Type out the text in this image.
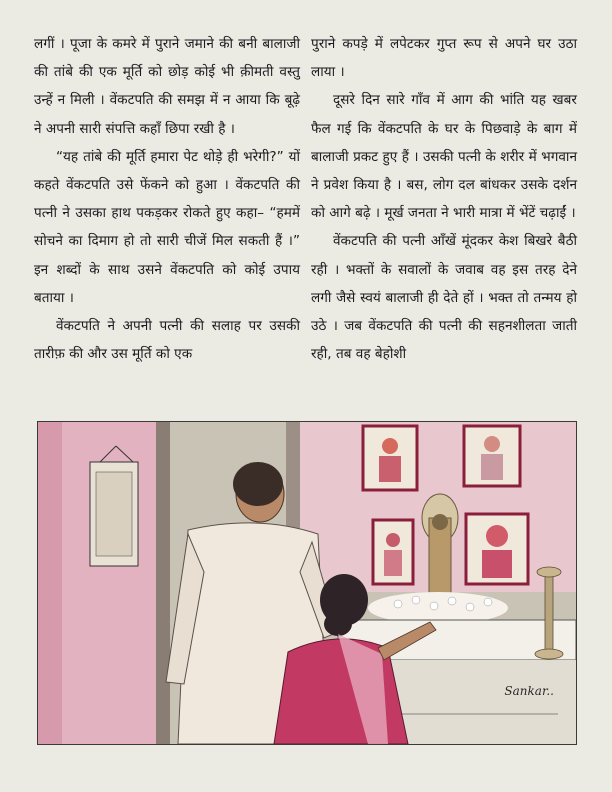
लगीं । पूजा के कमरे में पुराने जमाने की बनी बालाजी की तांबे की एक मूर्ति को छोड़ कोई भी क़ीमती वस्तु उन्हें न मिली । वेंकटपति की समझ में न आया कि बूढ़े ने अपनी सारी संपत्ति कहाँ छिपा रखी है ।

“यह तांबे की मूर्ति हमारा पेट थोड़े ही भरेगी?” यों कहते वेंकटपति उसे फेंकने को हुआ । वेंकटपति की पत्नी ने उसका हाथ पकड़कर रोकते हुए कहा– “हममें सोचने का दिमाग हो तो सारी चीजें मिल सकती हैं ।” इन शब्दों के साथ उसने वेंकटपति को कोई उपाय बताया ।

वेंकटपति ने अपनी पत्नी की सलाह पर उसकी तारीफ़ की और उस मूर्ति को एक

पुराने कपड़े में लपेटकर गुप्त रूप से अपने घर उठा लाया ।

दूसरे दिन सारे गाँव में आग की भांति यह खबर फैल गई कि वेंकटपति के घर के पिछवाड़े के बाग में बालाजी प्रकट हुए हैं । उसकी पत्नी के शरीर में भगवान ने प्रवेश किया है । बस, लोग दल बांधकर उसके दर्शन को आगे बढ़े । मूर्ख जनता ने भारी मात्रा में भेंटें चढ़ाईं ।

वेंकटपति की पत्नी आँखें मूंदकर केश बिखरे बैठी रही । भक्तों के सवालों के जवाब वह इस तरह देने लगी जैसे स्वयं बालाजी ही देते हों । भक्त तो तन्मय हो उठे । जब वेंकटपति की पत्नी की सहनशीलता जाती रही, तब वह बेहोशी

Sankar..
